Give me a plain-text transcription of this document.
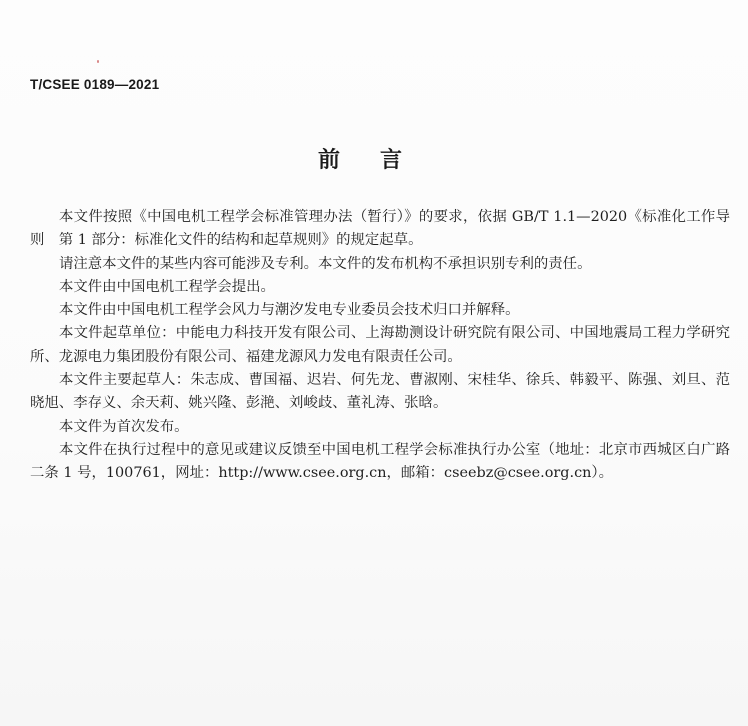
T/CSEE 0189—2021
前言

本文件按照《中国电机工程学会标准管理办法（暂行）》的要求，依据 GB/T 1.1—2020《标准化工作导则　第 1 部分：标准化文件的结构和起草规则》的规定起草。

请注意本文件的某些内容可能涉及专利。本文件的发布机构不承担识别专利的责任。

本文件由中国电机工程学会提出。

本文件由中国电机工程学会风力与潮汐发电专业委员会技术归口并解释。

本文件起草单位：中能电力科技开发有限公司、上海勘测设计研究院有限公司、中国地震局工程力学研究所、龙源电力集团股份有限公司、福建龙源风力发电有限责任公司。

本文件主要起草人：朱志成、曹国福、迟岩、何先龙、曹淑刚、宋桂华、徐兵、韩毅平、陈强、刘旦、范晓旭、李存义、余天莉、姚兴隆、彭滟、刘峻歧、董礼涛、张晗。

本文件为首次发布。

本文件在执行过程中的意见或建议反馈至中国电机工程学会标准执行办公室（地址：北京市西城区白广路二条 1 号，100761，网址：http://www.csee.org.cn，邮箱：cseebz@csee.org.cn）。
